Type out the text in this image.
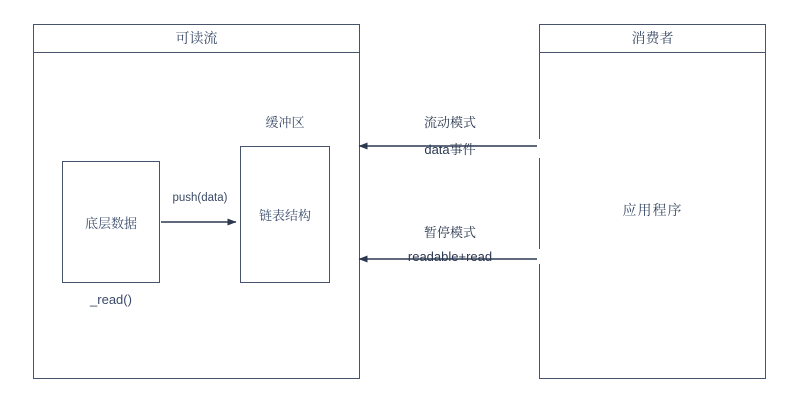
可读流	消费者
应用程序
底层数据
_read()
链表结构
缓冲区
push(data)
流动模式
data事件
暂停模式
readable+read
